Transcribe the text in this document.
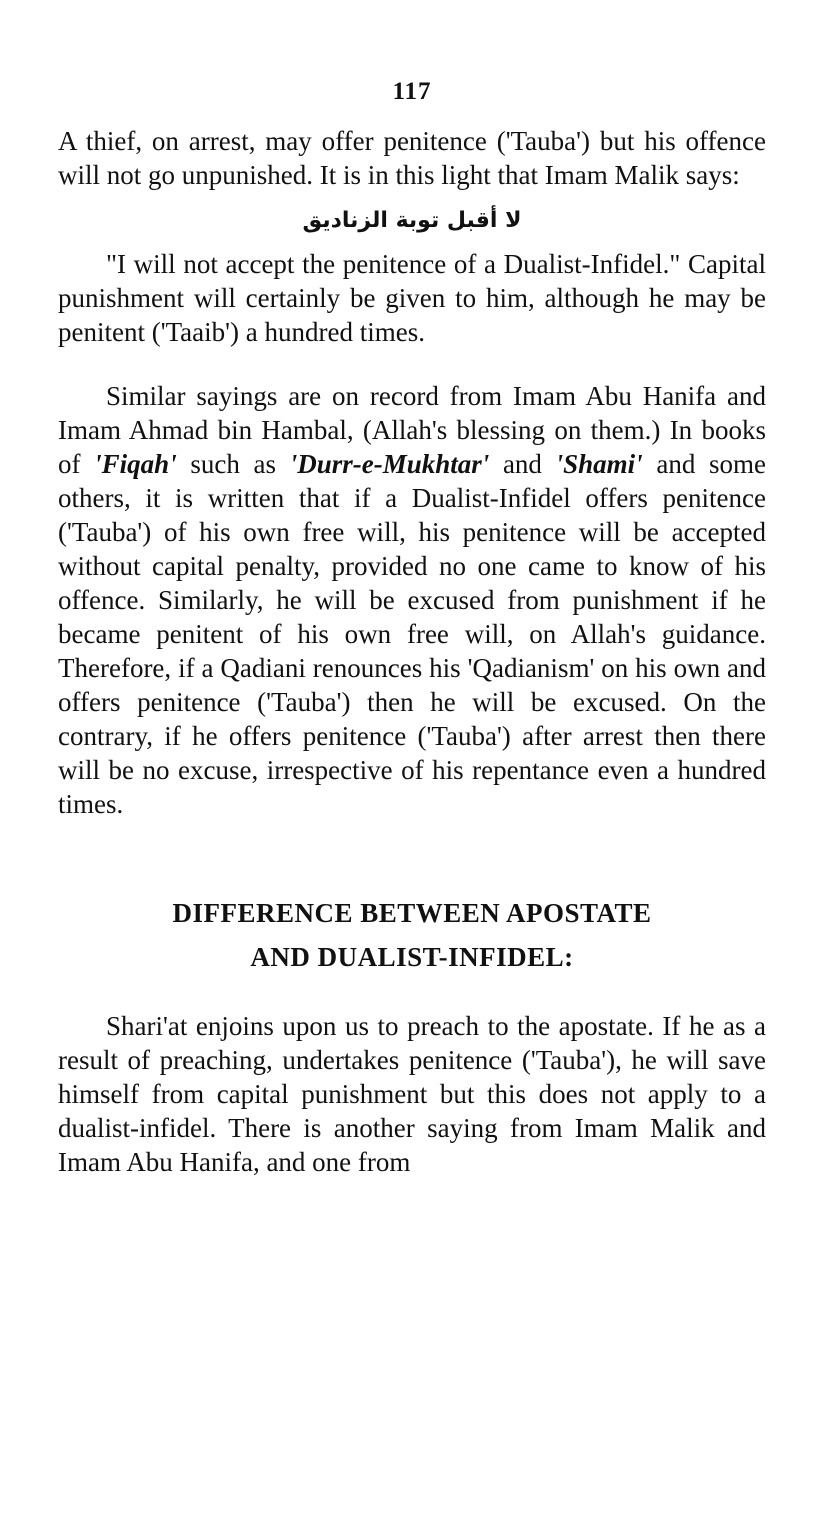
117

A thief, on arrest, may offer penitence ('Tauba') but his offence will not go unpunished. It is in this light that Imam Malik says:

لا أقبل توبة الزناديق

"I will not accept the penitence of a Dualist-Infidel." Capital punishment will certainly be given to him, although he may be penitent ('Taaib') a hundred times.

Similar sayings are on record from Imam Abu Hanifa and Imam Ahmad bin Hambal, (Allah's blessing on them.) In books of 'Fiqah' such as 'Durr-e-Mukhtar' and 'Shami' and some others, it is written that if a Dualist-Infidel offers penitence ('Tauba') of his own free will, his penitence will be accepted without capital penalty, provided no one came to know of his offence. Similarly, he will be excused from punishment if he became penitent of his own free will, on Allah's guidance. Therefore, if a Qadiani renounces his 'Qadianism' on his own and offers penitence ('Tauba') then he will be excused. On the contrary, if he offers penitence ('Tauba') after arrest then there will be no excuse, irrespective of his repentance even a hundred times.

DIFFERENCE BETWEEN APOSTATE
AND DUALIST-INFIDEL:

Shari'at enjoins upon us to preach to the apostate. If he as a result of preaching, undertakes penitence ('Tauba'), he will save himself from capital punishment but this does not apply to a dualist-infidel. There is another saying from Imam Malik and Imam Abu Hanifa, and one from
